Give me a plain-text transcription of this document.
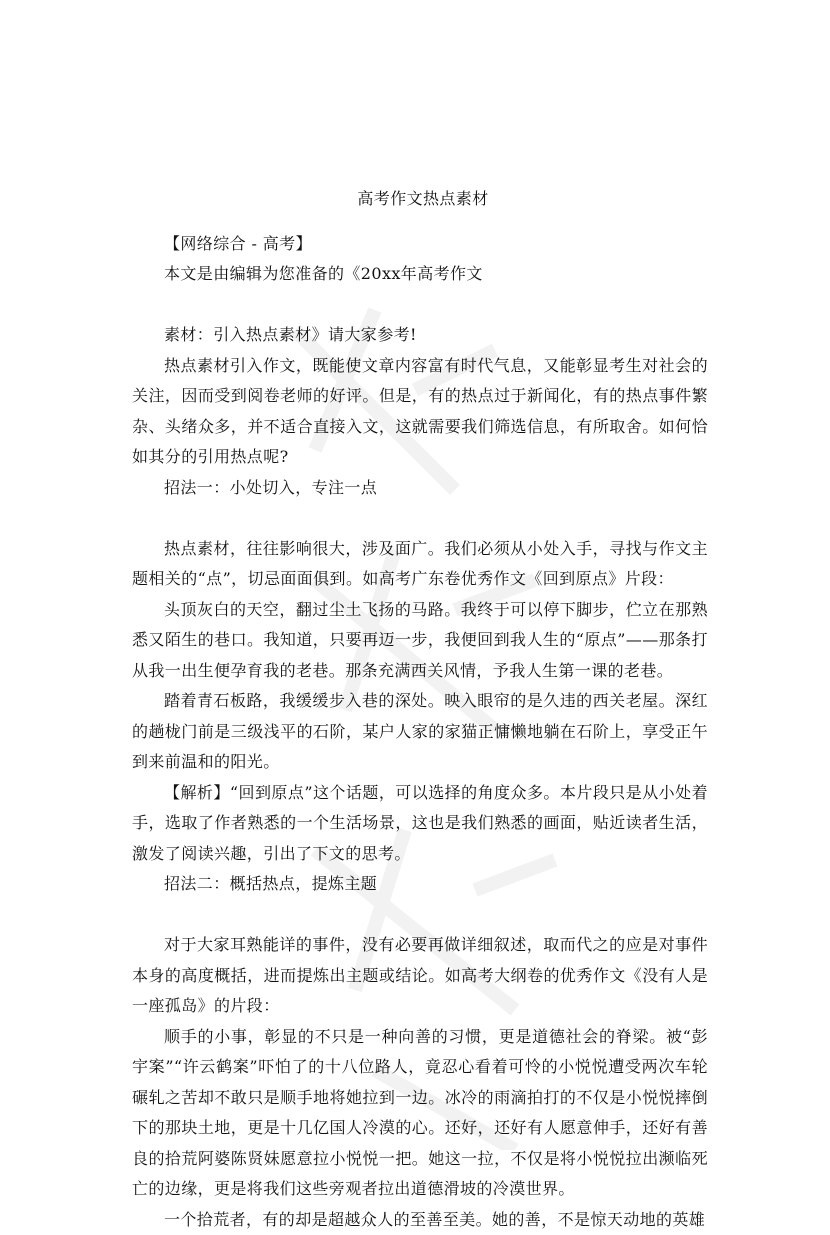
高考作文热点素材

【网络综合 - 高考】

本文是由编辑为您准备的《20xx年高考作文

素材：引入热点素材》请大家参考!

热点素材引入作文，既能使文章内容富有时代气息，又能彰显考生对社会的关注，因而受到阅卷老师的好评。但是，有的热点过于新闻化，有的热点事件繁杂、头绪众多，并不适合直接入文，这就需要我们筛选信息，有所取舍。如何恰如其分的引用热点呢?

招法一：小处切入，专注一点

热点素材，往往影响很大，涉及面广。我们必须从小处入手，寻找与作文主题相关的“点”，切忌面面俱到。如高考广东卷优秀作文《回到原点》片段：

头顶灰白的天空，翻过尘土飞扬的马路。我终于可以停下脚步，伫立在那熟悉又陌生的巷口。我知道，只要再迈一步，我便回到我人生的“原点”——那条打从我一出生便孕育我的老巷。那条充满西关风情，予我人生第一课的老巷。

踏着青石板路，我缓缓步入巷的深处。映入眼帘的是久违的西关老屋。深红的趟栊门前是三级浅平的石阶，某户人家的家猫正慵懒地躺在石阶上，享受正午到来前温和的阳光。

【解析】“回到原点”这个话题，可以选择的角度众多。本片段只是从小处着手，选取了作者熟悉的一个生活场景，这也是我们熟悉的画面，贴近读者生活，激发了阅读兴趣，引出了下文的思考。

招法二：概括热点，提炼主题

对于大家耳熟能详的事件，没有必要再做详细叙述，取而代之的应是对事件本身的高度概括，进而提炼出主题或结论。如高考大纲卷的优秀作文《没有人是一座孤岛》的片段：

顺手的小事，彰显的不只是一种向善的习惯，更是道德社会的脊梁。被“彭宇案”“许云鹤案”吓怕了的十八位路人，竟忍心看着可怜的小悦悦遭受两次车轮碾轧之苦却不敢只是顺手地将她拉到一边。冰冷的雨滴拍打的不仅是小悦悦摔倒下的那块土地，更是十几亿国人冷漠的心。还好，还好有人愿意伸手，还好有善良的拾荒阿婆陈贤妹愿意拉小悦悦一把。她这一拉，不仅是将小悦悦拉出濒临死亡的边缘，更是将我们这些旁观者拉出道德滑坡的冷漠世界。

一个拾荒者，有的却是超越众人的至善至美。她的善，不是惊天动地的英雄
